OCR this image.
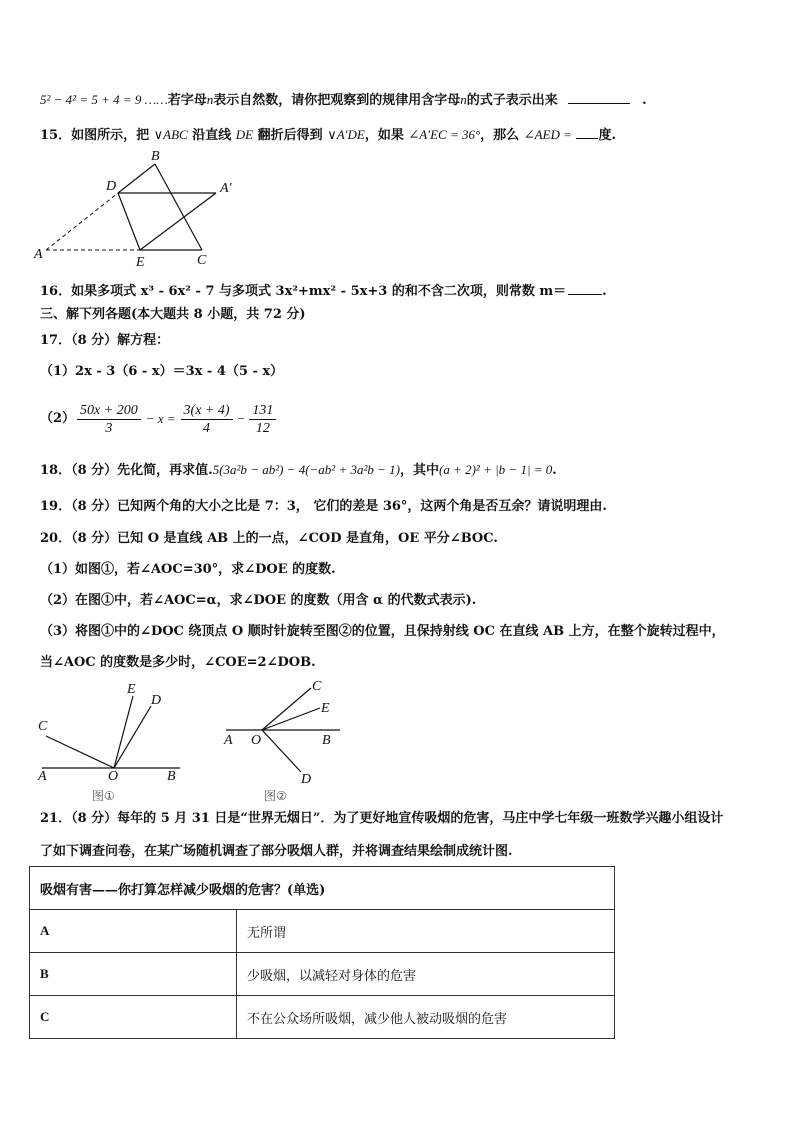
5² − 4² = 5 + 4 = 9 ……若字母n表示自然数，请你把观察到的规律用含字母n的式子表示出来	.
15．如图所示，把 ∨ABC 沿直线 DE 翻折后得到 ∨A′DE，如果 ∠A′EC = 36°，那么 ∠AED = 度.
B
D	A′
A
E	C
16．如果多项式 x³ - 6x² - 7 与多项式 3x²+mx² - 5x+3 的和不含二次项，则常数 m＝	.
三、解下列各题(本大题共 8 小题，共 72 分)
17．（8 分）解方程：
（1）2x - 3（6 - x）＝3x - 4（5 - x）
$(2) \frac{50x + 200}{3} - x = \frac{3(x + 4)}{4} - \frac{131}{12}$
18．（8 分）先化简，再求值.5(3a²b − ab²) − 4(−ab² + 3a²b − 1)，其中(a + 2)² + |b − 1| = 0.
19．（8 分）已知两个角的大小之比是 7：3， 它们的差是 36°，这两个角是否互余？请说明理由.
20．（8 分）已知 O 是直线 AB 上的一点，∠COD 是直角，OE 平分∠BOC.
（1）如图①，若∠AOC=30°，求∠DOE 的度数.
（2）在图①中，若∠AOC=α，求∠DOE 的度数（用含 α 的代数式表示).
（3）将图①中的∠DOC 绕顶点 O 顺时针旋转至图②的位置，且保持射线 OC 在直线 AB 上方，在整个旋转过程中，
当∠AOC 的度数是多少时，∠COE=2∠DOB.
C
E
D
A	O	B
图①
C
E
A O	B
D
图②
21．（8 分）每年的 5 月 31 日是“世界无烟日”．为了更好地宣传吸烟的危害，马庄中学七年级一班数学兴趣小组设计
了如下调查问卷，在某广场随机调查了部分吸烟人群，并将调查结果绘制成统计图.
吸烟有害——你打算怎样减少吸烟的危害？(单选)	
A	无所谓
B	少吸烟，以减轻对身体的危害
C	不在公众场所吸烟，减少他人被动吸烟的危害
